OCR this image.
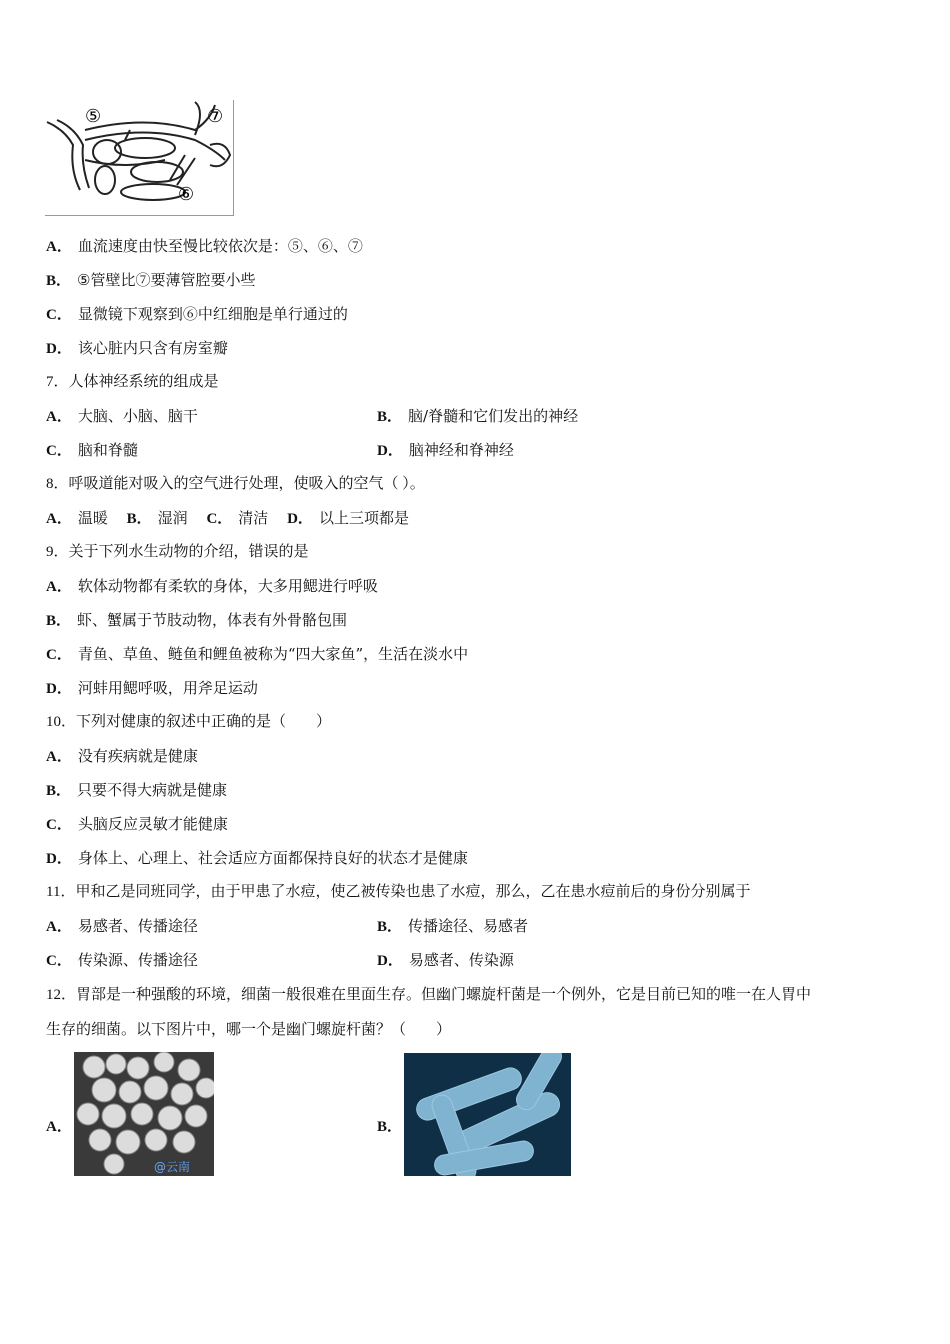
⑤	⑦
⑥
A． 血流速度由快至慢比较依次是：⑤、⑥、⑦
B． ⑤管壁比⑦要薄管腔要小些
C． 显微镜下观察到⑥中红细胞是单行通过的
D． 该心脏内只含有房室瓣
7．人体神经系统的组成是
A． 大脑、小脑、脑干	B． 脑/脊髓和它们发出的神经
C． 脑和脊髓	D． 脑神经和脊神经
8．呼吸道能对吸入的空气进行处理，使吸入的空气（ ）。
A． 温暖 B． 湿润 C． 清洁 D． 以上三项都是
9．关于下列水生动物的介绍，错误的是
A． 软体动物都有柔软的身体，大多用鳃进行呼吸
B． 虾、蟹属于节肢动物，体表有外骨骼包围
C． 青鱼、草鱼、鲢鱼和鲤鱼被称为“四大家鱼”，生活在淡水中
D． 河蚌用鳃呼吸，用斧足运动
10．下列对健康的叙述中正确的是（　　）
A． 没有疾病就是健康
B． 只要不得大病就是健康
C． 头脑反应灵敏才能健康
D． 身体上、心理上、社会适应方面都保持良好的状态才是健康
11．甲和乙是同班同学，由于甲患了水痘，使乙被传染也患了水痘，那么，乙在患水痘前后的身份分别属于
A． 易感者、传播途径	B． 传播途径、易感者
C． 传染源、传播途径	D． 易感者、传染源
12．胃部是一种强酸的环境，细菌一般很难在里面生存。但幽门螺旋杆菌是一个例外，它是目前已知的唯一在人胃中
生存的细菌。以下图片中，哪一个是幽门螺旋杆菌？（　　）
A．
@云南
B．
